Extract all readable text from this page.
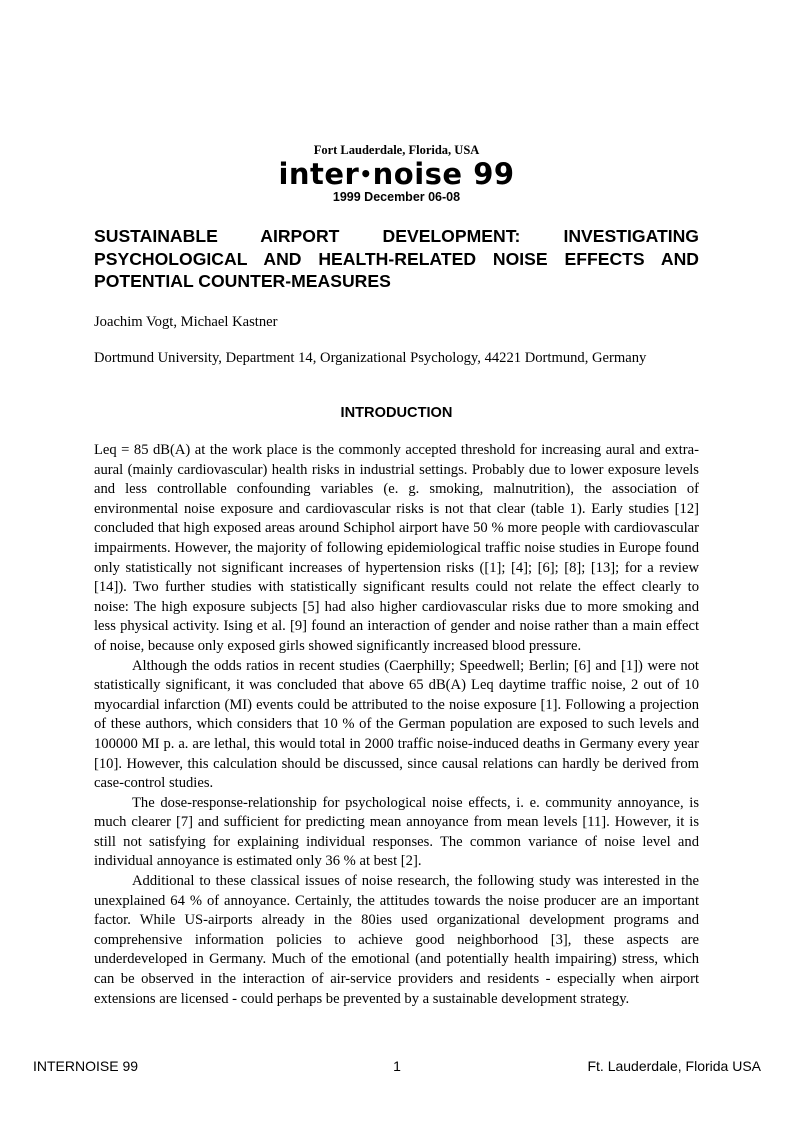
Fort Lauderdale, Florida, USA
inter•noise 99
1999 December 06-08
SUSTAINABLE AIRPORT DEVELOPMENT: INVESTIGATING PSYCHOLOGICAL AND HEALTH-RELATED NOISE EFFECTS AND POTENTIAL COUNTER-MEASURES

Joachim Vogt, Michael Kastner

Dortmund University, Department 14, Organizational Psychology, 44221 Dortmund, Germany

INTRODUCTION

Leq = 85 dB(A) at the work place is the commonly accepted threshold for increasing aural and extra-aural (mainly cardiovascular) health risks in industrial settings. Probably due to lower exposure levels and less controllable confounding variables (e. g. smoking, malnutrition), the association of environmental noise exposure and cardiovascular risks is not that clear (table 1). Early studies [12] concluded that high exposed areas around Schiphol airport have 50 % more people with cardiovascular impairments. However, the majority of following epidemiological traffic noise studies in Europe found only statistically not significant increases of hypertension risks ([1]; [4]; [6]; [8]; [13]; for a review [14]). Two further studies with statistically significant results could not relate the effect clearly to noise: The high exposure subjects [5] had also higher cardiovascular risks due to more smoking and less physical activity. Ising et al. [9] found an interaction of gender and noise rather than a main effect of noise, because only exposed girls showed significantly increased blood pressure.

Although the odds ratios in recent studies (Caerphilly; Speedwell; Berlin; [6] and [1]) were not statistically significant, it was concluded that above 65 dB(A) Leq daytime traffic noise, 2 out of 10 myocardial infarction (MI) events could be attributed to the noise exposure [1]. Following a projection of these authors, which considers that 10 % of the German population are exposed to such levels and 100000 MI p. a. are lethal, this would total in 2000 traffic noise-induced deaths in Germany every year [10]. However, this calculation should be discussed, since causal relations can hardly be derived from case-control studies.

The dose-response-relationship for psychological noise effects, i. e. community annoyance, is much clearer [7] and sufficient for predicting mean annoyance from mean levels [11]. However, it is still not satisfying for explaining individual responses. The common variance of noise level and individual annoyance is estimated only 36 % at best [2].

Additional to these classical issues of noise research, the following study was interested in the unexplained 64 % of annoyance. Certainly, the attitudes towards the noise producer are an important factor. While US-airports already in the 80ies used organizational development programs and comprehensive information policies to achieve good neighborhood [3], these aspects are underdeveloped in Germany. Much of the emotional (and potentially health impairing) stress, which can be observed in the interaction of air-service providers and residents - especially when airport extensions are licensed - could perhaps be prevented by a sustainable development strategy.

INTERNOISE 99	1	Ft. Lauderdale, Florida USA
